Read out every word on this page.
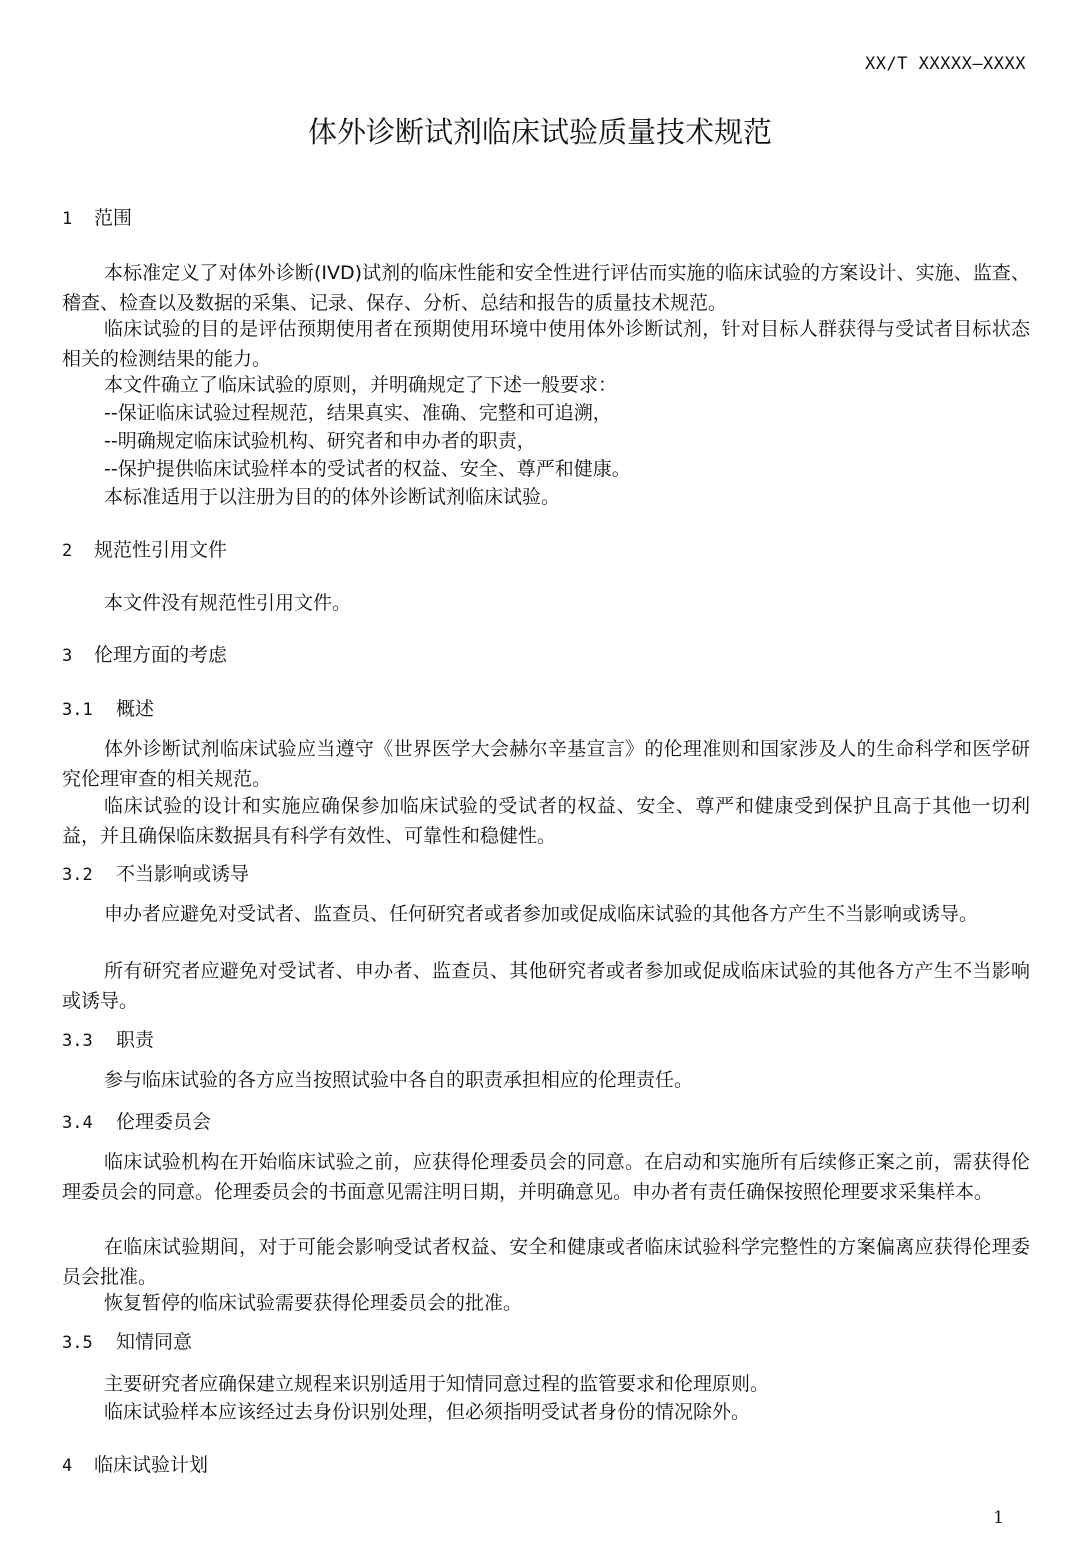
XX/T XXXXX—XXXX
体外诊断试剂临床试验质量技术规范
1 范围

本标准定义了对体外诊断(IVD)试剂的临床性能和安全性进行评估而实施的临床试验的方案设计、实施、监查、稽查、检查以及数据的采集、记录、保存、分析、总结和报告的质量技术规范。

临床试验的目的是评估预期使用者在预期使用环境中使用体外诊断试剂，针对目标人群获得与受试者目标状态相关的检测结果的能力。

本文件确立了临床试验的原则，并明确规定了下述一般要求：

--保证临床试验过程规范，结果真实、准确、完整和可追溯，

--明确规定临床试验机构、研究者和申办者的职责，

--保护提供临床试验样本的受试者的权益、安全、尊严和健康。

本标准适用于以注册为目的的体外诊断试剂临床试验。

2 规范性引用文件

本文件没有规范性引用文件。

3 伦理方面的考虑
3.1 概述

体外诊断试剂临床试验应当遵守《世界医学大会赫尔辛基宣言》的伦理准则和国家涉及人的生命科学和医学研究伦理审查的相关规范。

临床试验的设计和实施应确保参加临床试验的受试者的权益、安全、尊严和健康受到保护且高于其他一切利益，并且确保临床数据具有科学有效性、可靠性和稳健性。

3.2 不当影响或诱导

申办者应避免对受试者、监查员、任何研究者或者参加或促成临床试验的其他各方产生不当影响或诱导。

所有研究者应避免对受试者、申办者、监查员、其他研究者或者参加或促成临床试验的其他各方产生不当影响或诱导。

3.3 职责

参与临床试验的各方应当按照试验中各自的职责承担相应的伦理责任。

3.4 伦理委员会

临床试验机构在开始临床试验之前，应获得伦理委员会的同意。在启动和实施所有后续修正案之前，需获得伦理委员会的同意。伦理委员会的书面意见需注明日期，并明确意见。申办者有责任确保按照伦理要求采集样本。

在临床试验期间，对于可能会影响受试者权益、安全和健康或者临床试验科学完整性的方案偏离应获得伦理委员会批准。

恢复暂停的临床试验需要获得伦理委员会的批准。

3.5 知情同意

主要研究者应确保建立规程来识别适用于知情同意过程的监管要求和伦理原则。

临床试验样本应该经过去身份识别处理，但必须指明受试者身份的情况除外。

4 临床试验计划
1
